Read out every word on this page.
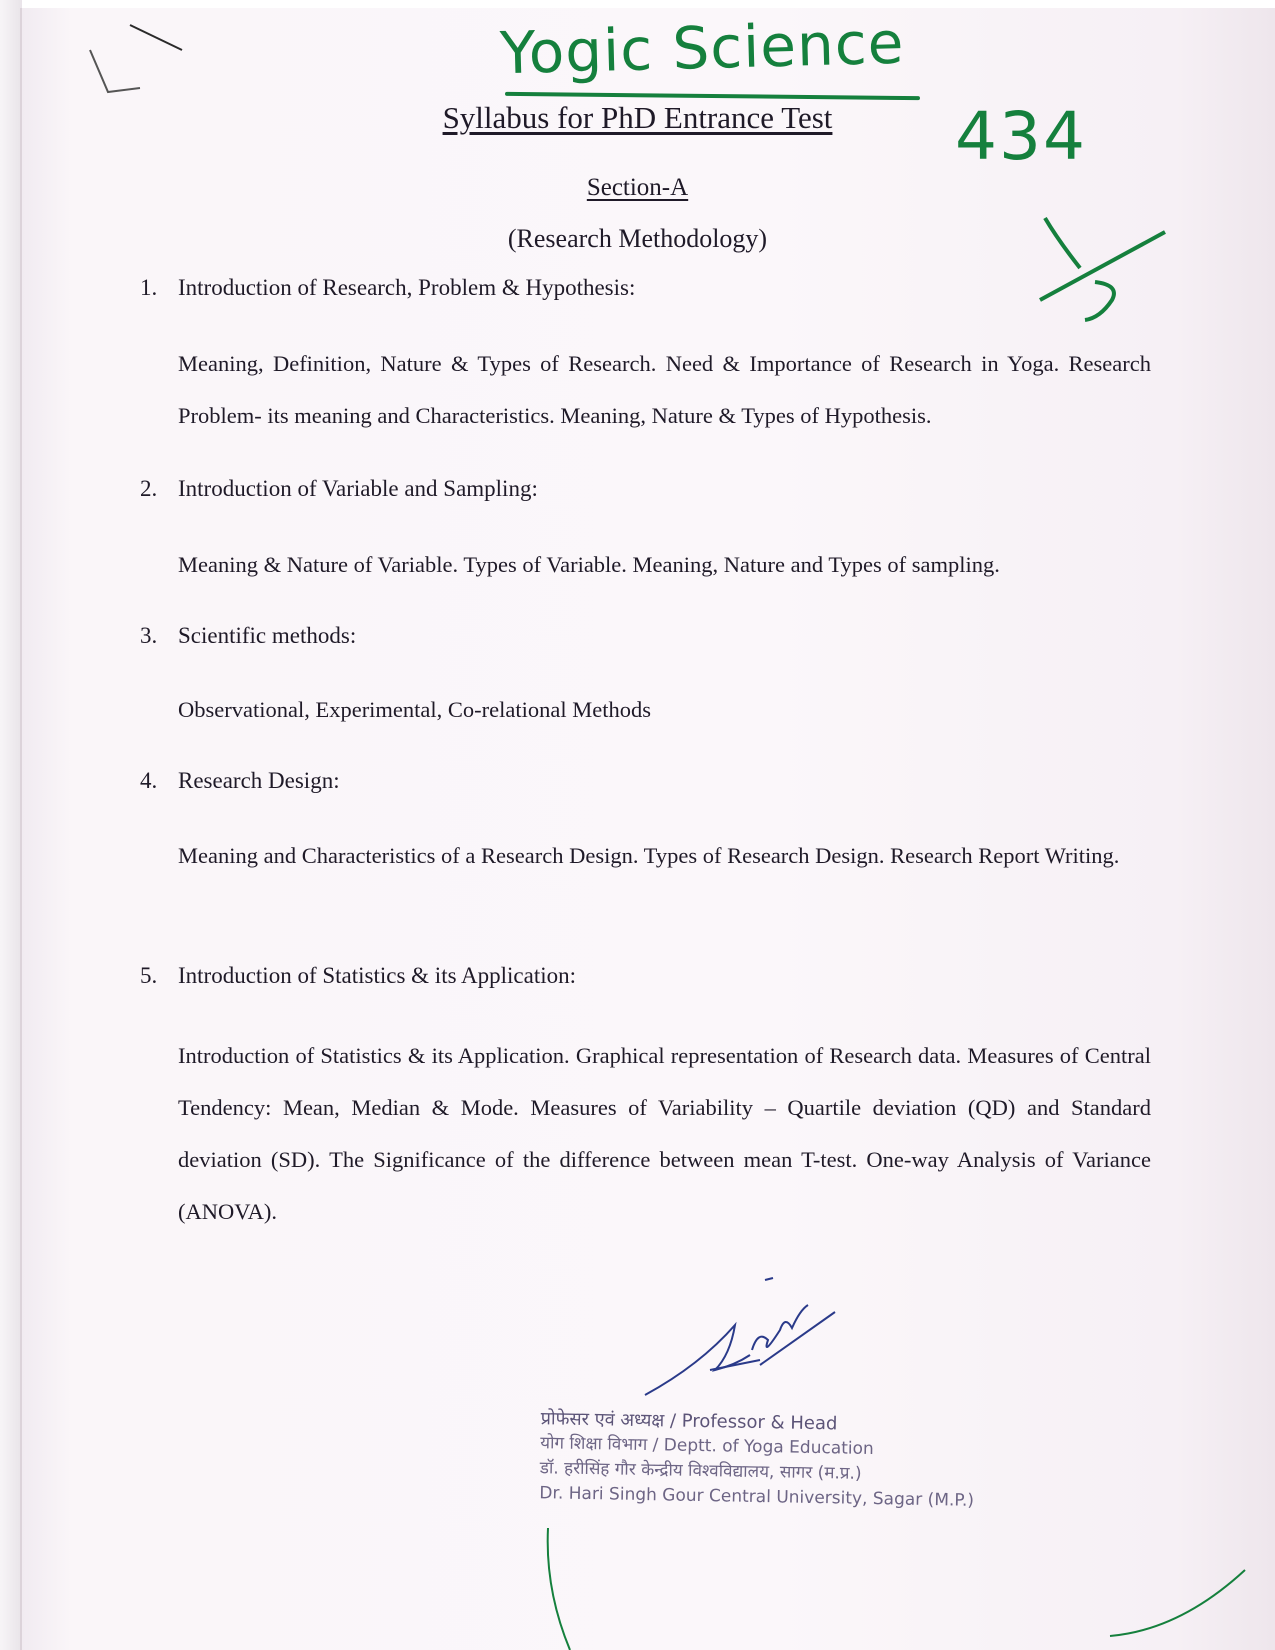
Yogic Science
434
Syllabus for PhD Entrance Test
Section-A
(Research Methodology)
1. Introduction of Research, Problem & Hypothesis:
Meaning, Definition, Nature & Types of Research. Need & Importance of Research in Yoga. Research Problem- its meaning and Characteristics. Meaning, Nature & Types of Hypothesis.
2. Introduction of Variable and Sampling:
Meaning & Nature of Variable. Types of Variable. Meaning, Nature and Types of sampling.
3. Scientific methods:
Observational, Experimental, Co-relational Methods
4. Research Design:
Meaning and Characteristics of a Research Design. Types of Research Design. Research Report Writing.
5. Introduction of Statistics & its Application:
Introduction of Statistics & its Application. Graphical representation of Research data. Measures of Central Tendency: Mean, Median & Mode. Measures of Variability – Quartile deviation (QD) and Standard deviation (SD). The Significance of the difference between mean T-test. One-way Analysis of Variance (ANOVA).
प्रोफेसर एवं अध्यक्ष / Professor & Head
योग शिक्षा विभाग / Deptt. of Yoga Education
डॉ. हरीसिंह गौर केन्द्रीय विश्वविद्यालय, सागर (म.प्र.)
Dr. Hari Singh Gour Central University, Sagar (M.P.)
